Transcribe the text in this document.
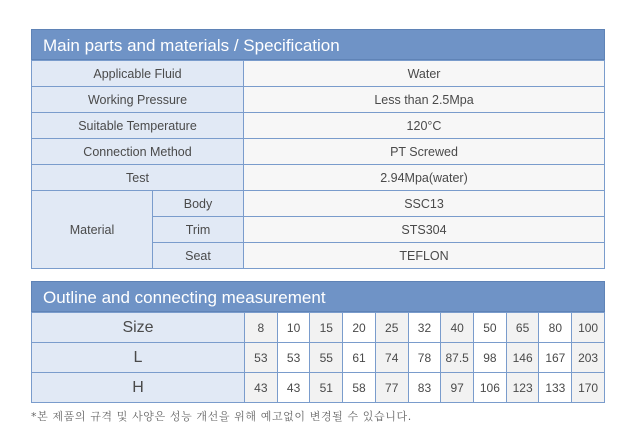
Main parts and materials / Specification
Applicable Fluid		Water
Working Pressure		Less than 2.5Mpa
Suitable Temperature		120°C
Connection Method		PT Screwed
Test		2.94Mpa(water)
Material	Body	SSC13
	Trim	STS304
	Seat	TEFLON
Outline and connecting measurement
Size	8	10	15	20	25	32	40	50	65	80	100
L	53	53	55	61	74	78	87.5	98	146	167	203
H	43	43	51	58	77	83	97	106	123	133	170
*본 제품의 규격 및 사양은 성능 개선을 위해 예고없이 변경될 수 있습니다.
